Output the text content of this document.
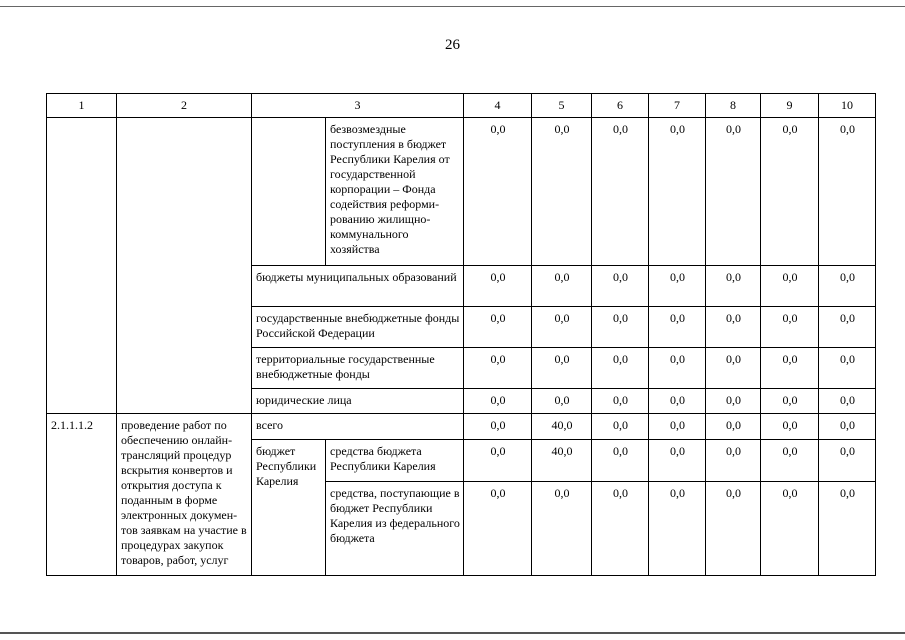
26
1	2	3		4	5	6	7	8	9	10
			безвозмездные поступления в бюджет Республики Карелия от государственной корпорации – Фонда содействия реформи-рованию жилищно-коммунального хозяйства	0,0	0,0	0,0	0,0	0,0	0,0	0,0
		бюджеты муниципальных образований		0,0	0,0	0,0	0,0	0,0	0,0	0,0
		государственные внебюджетные фонды Российской Федерации		0,0	0,0	0,0	0,0	0,0	0,0	0,0
		территориальные государственные внебюджетные фонды		0,0	0,0	0,0	0,0	0,0	0,0	0,0
		юридические лица		0,0	0,0	0,0	0,0	0,0	0,0	0,0
2.1.1.1.2	проведение работ по обеспечению онлайн-трансляций процедур вскрытия конвертов и открытия доступа к поданным в форме электронных докумен-тов заявкам на участие в процедурах закупок товаров, работ, услуг	всего		0,0	40,0	0,0	0,0	0,0	0,0	0,0
		бюджет Республики Карелия	средства бюджета Республики Карелия	0,0	40,0	0,0	0,0	0,0	0,0	0,0
			средства, поступающие в бюджет Республики Карелия из федерального бюджета	0,0	0,0	0,0	0,0	0,0	0,0	0,0
